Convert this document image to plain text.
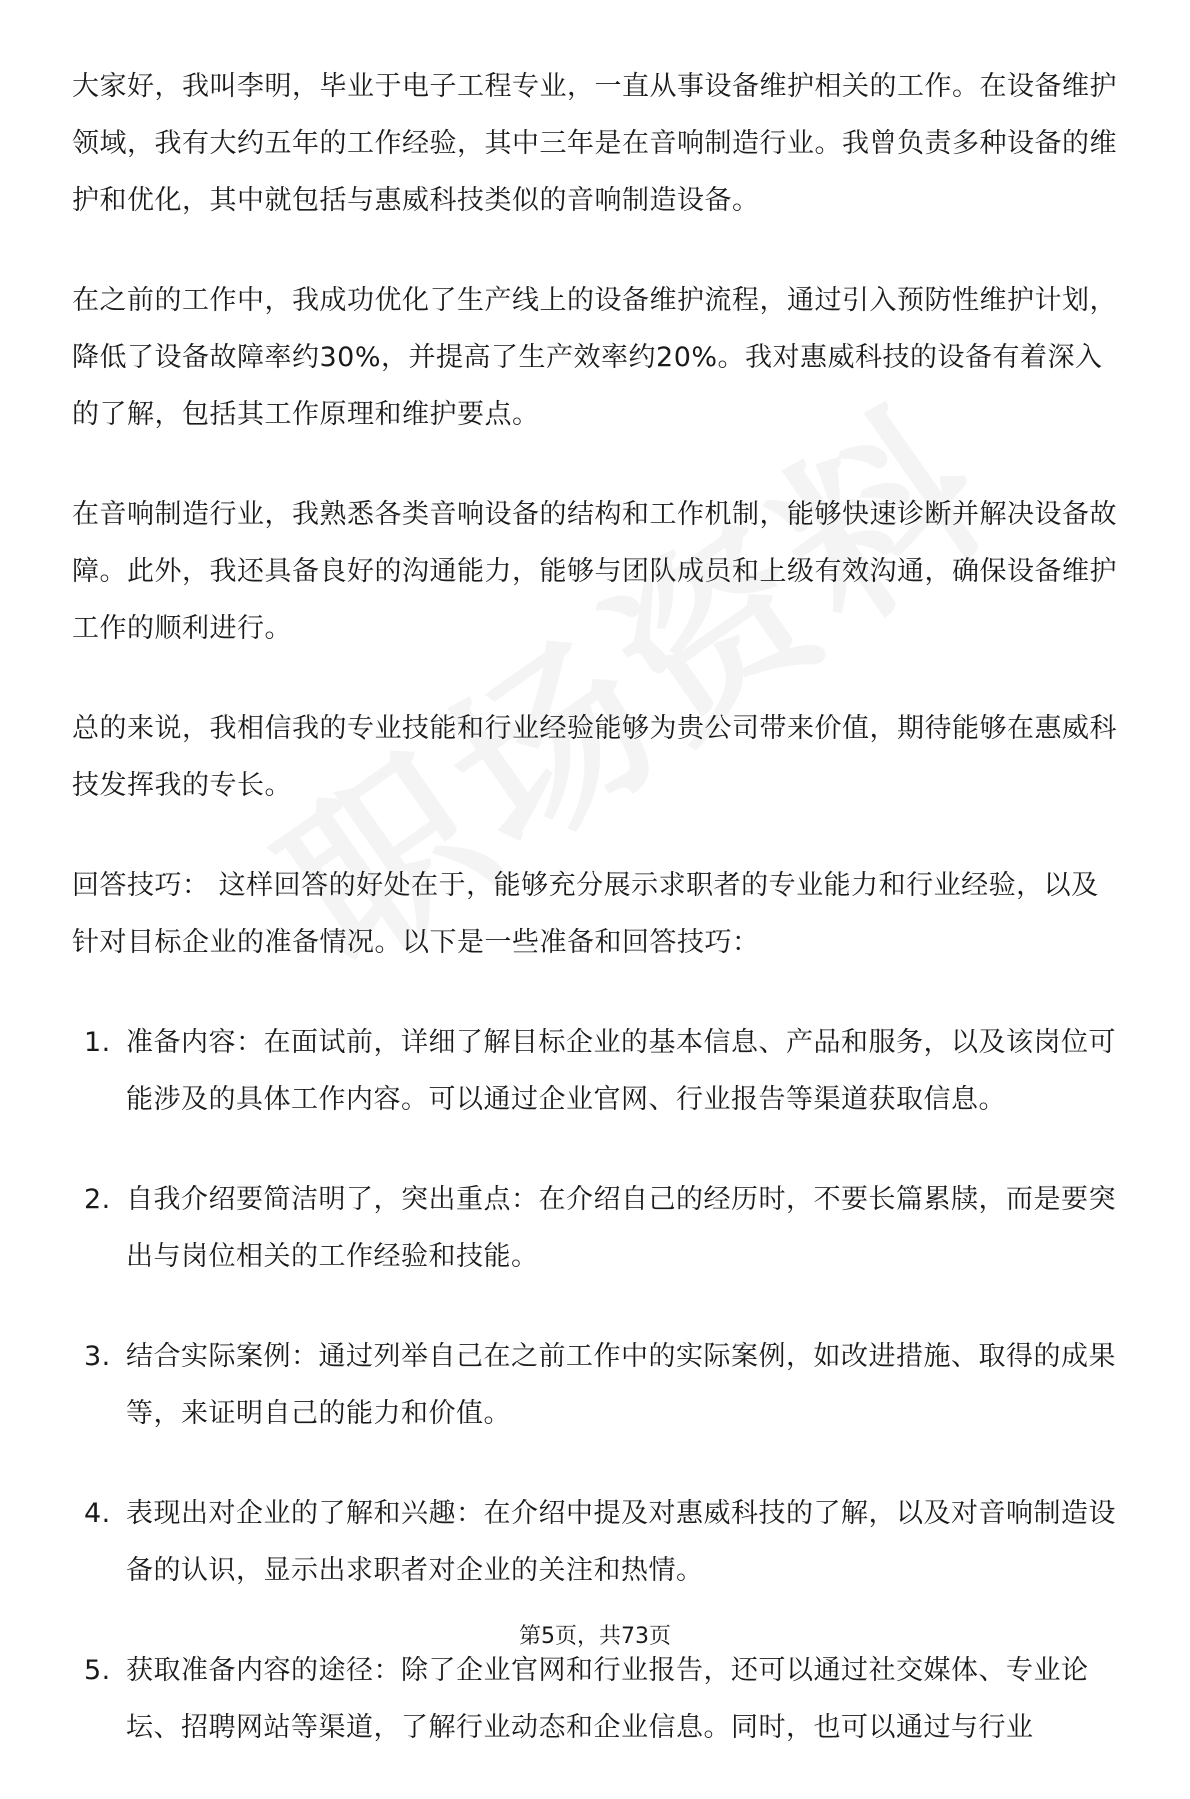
大家好，我叫李明，毕业于电子工程专业，一直从事设备维护相关的工作。在设备维护领域，我有大约五年的工作经验，其中三年是在音响制造行业。我曾负责多种设备的维护和优化，其中就包括与惠威科技类似的音响制造设备。

在之前的工作中，我成功优化了生产线上的设备维护流程，通过引入预防性维护计划，降低了设备故障率约30%，并提高了生产效率约20%。我对惠威科技的设备有着深入的了解，包括其工作原理和维护要点。

在音响制造行业，我熟悉各类音响设备的结构和工作机制，能够快速诊断并解决设备故障。此外，我还具备良好的沟通能力，能够与团队成员和上级有效沟通，确保设备维护工作的顺利进行。

总的来说，我相信我的专业技能和行业经验能够为贵公司带来价值，期待能够在惠威科技发挥我的专长。

回答技巧： 这样回答的好处在于，能够充分展示求职者的专业能力和行业经验，以及针对目标企业的准备情况。以下是一些准备和回答技巧：

1. 准备内容：在面试前，详细了解目标企业的基本信息、产品和服务，以及该岗位可能涉及的具体工作内容。可以通过企业官网、行业报告等渠道获取信息。
2. 自我介绍要简洁明了，突出重点：在介绍自己的经历时，不要长篇累牍，而是要突出与岗位相关的工作经验和技能。
3. 结合实际案例：通过列举自己在之前工作中的实际案例，如改进措施、取得的成果等，来证明自己的能力和价值。
4. 表现出对企业的了解和兴趣：在介绍中提及对惠威科技的了解，以及对音响制造设备的认识，显示出求职者对企业的关注和热情。
5. 获取准备内容的途径：除了企业官网和行业报告，还可以通过社交媒体、专业论坛、招聘网站等渠道，了解行业动态和企业信息。同时，也可以通过与行业
第5页，共73页
